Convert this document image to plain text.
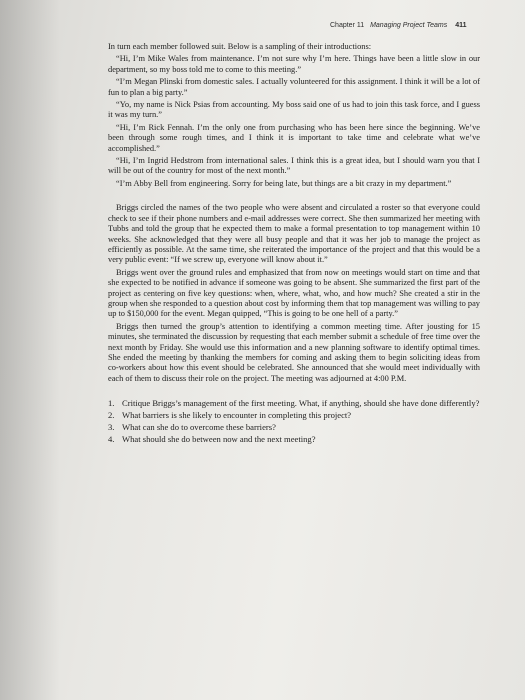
Chapter 11 Managing Project Teams 411

In turn each member followed suit. Below is a sampling of their introductions:

“Hi, I’m Mike Wales from maintenance. I’m not sure why I’m here. Things have been a little slow in our department, so my boss told me to come to this meeting.”

“I’m Megan Plinski from domestic sales. I actually volunteered for this assignment. I think it will be a lot of fun to plan a big party.”

“Yo, my name is Nick Psias from accounting. My boss said one of us had to join this task force, and I guess it was my turn.”

“Hi, I’m Rick Fennah. I’m the only one from purchasing who has been here since the beginning. We’ve been through some rough times, and I think it is important to take time and celebrate what we’ve accomplished.”

“Hi, I’m Ingrid Hedstrom from international sales. I think this is a great idea, but I should warn you that I will be out of the country for most of the next month.”

“I’m Abby Bell from engineering. Sorry for being late, but things are a bit crazy in my department.”

Briggs circled the names of the two people who were absent and circulated a roster so that everyone could check to see if their phone numbers and e-mail addresses were correct. She then summarized her meeting with Tubbs and told the group that he expected them to make a formal presentation to top management within 10 weeks. She acknowledged that they were all busy people and that it was her job to manage the project as efficiently as possible. At the same time, she reiterated the importance of the project and that this would be a very public event: “If we screw up, everyone will know about it.”

Briggs went over the ground rules and emphasized that from now on meetings would start on time and that she expected to be notified in advance if someone was going to be absent. She summarized the first part of the project as centering on five key questions: when, where, what, who, and how much? She created a stir in the group when she responded to a question about cost by informing them that top management was willing to pay up to $150,000 for the event. Megan quipped, “This is going to be one hell of a party.”

Briggs then turned the group’s attention to identifying a common meeting time. After jousting for 15 minutes, she terminated the discussion by requesting that each member submit a schedule of free time over the next month by Friday. She would use this information and a new planning software to identify optimal times. She ended the meeting by thanking the members for coming and asking them to begin soliciting ideas from co-workers about how this event should be celebrated. She announced that she would meet individually with each of them to discuss their role on the project. The meeting was adjourned at 4:00 P.M.

1. Critique Briggs’s management of the first meeting. What, if anything, should she have done differently?
2. What barriers is she likely to encounter in completing this project?
3. What can she do to overcome these barriers?
4. What should she do between now and the next meeting?
